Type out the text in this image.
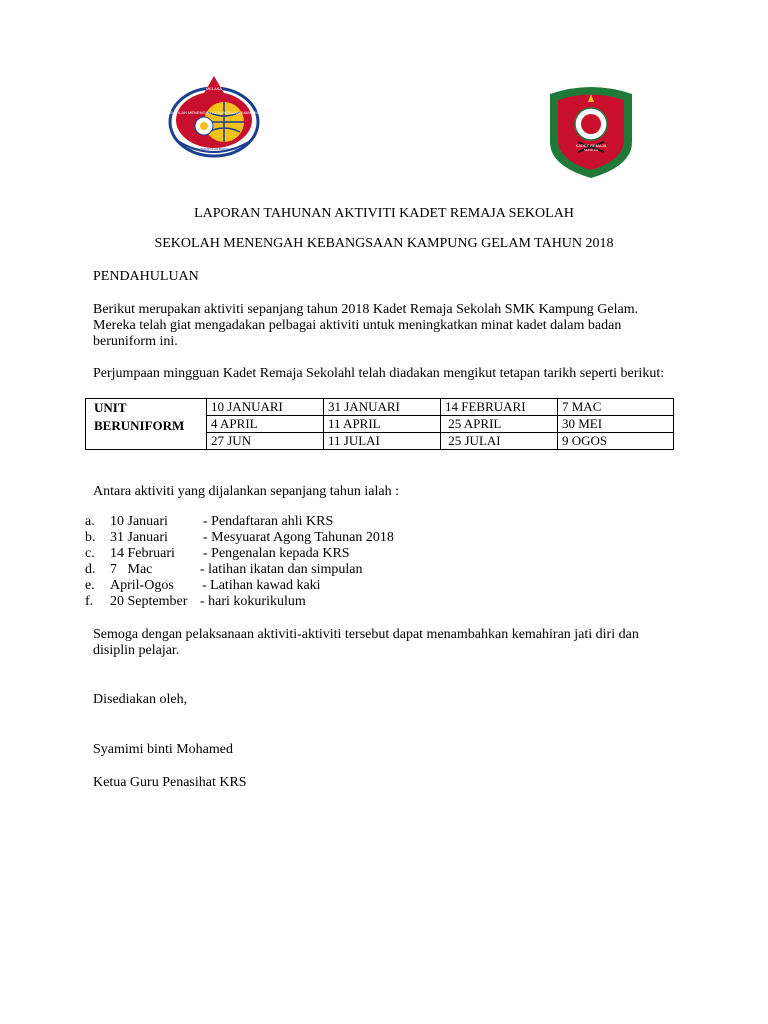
MELAKA
SEKOLAH MENENGAH KEBANGSAAN KAMPUNG GELAM
BERILMU BERAKHLAK BERSEMANGAT
KADET REMAJA
SEKOLAH
LAPORAN TAHUNAN AKTIVITI KADET REMAJA SEKOLAH
SEKOLAH MENENGAH KEBANGSAAN KAMPUNG GELAM TAHUN 2018
PENDAHULUAN
Berikut merupakan aktiviti sepanjang tahun 2018 Kadet Remaja Sekolah SMK Kampung Gelam.
Mereka telah giat mengadakan pelbagai aktiviti untuk meningkatkan minat kadet dalam badan
beruniform ini.
Perjumpaan mingguan Kadet Remaja Sekolahl telah diadakan mengikut tetapan tarikh seperti berikut:
UNIT
BERUNIFORM	10 JANUARI	31 JANUARI	14 FEBRUARI	7 MAC
	4 APRIL	11 APRIL	25 APRIL	30 MEI
	27 JUN	11 JULAI	25 JULAI	9 OGOS
Antara aktiviti yang dijalankan sepanjang tahun ialah :
a. 10 Januari	- Pendaftaran ahli KRS
b. 31 Januari	- Mesyuarat Agong Tahunan 2018
c. 14 Februari - Pengenalan kepada KRS
d. 7   Mac	- latihan ikatan dan simpulan
e. April-Ogos - Latihan kawad kaki
f. 20 September - hari kokurikulum
Semoga dengan pelaksanaan aktiviti-aktiviti tersebut dapat menambahkan kemahiran jati diri dan
disiplin pelajar.
Disediakan oleh,
Syamimi binti Mohamed
Ketua Guru Penasihat KRS
